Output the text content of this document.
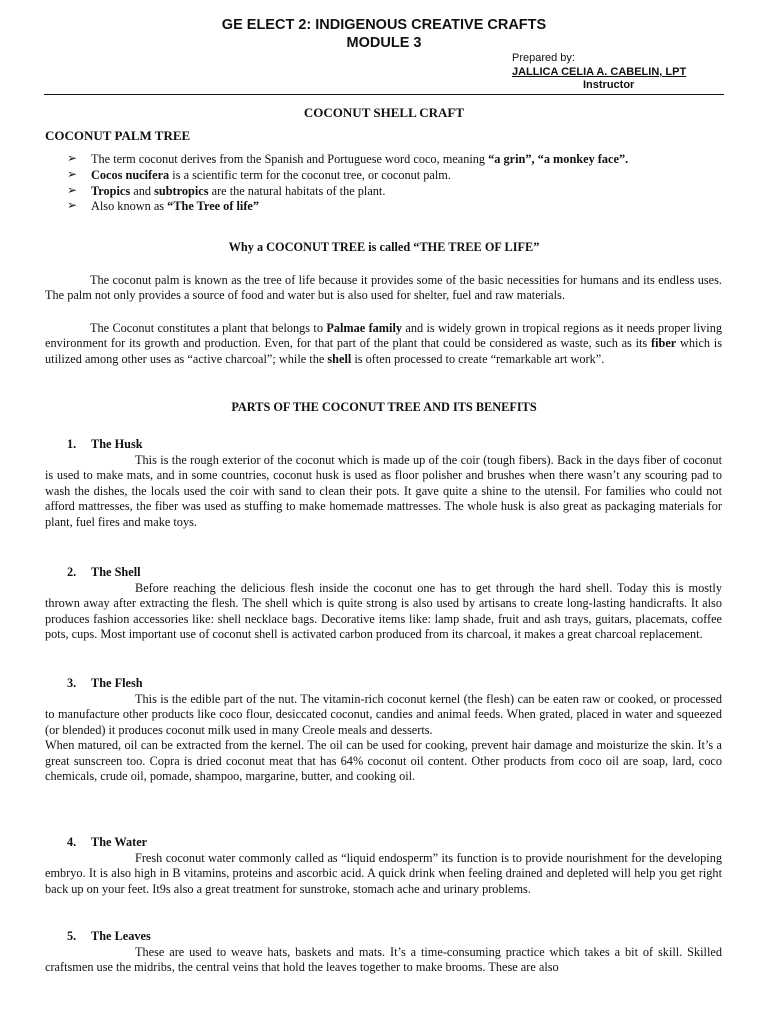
GE ELECT 2: INDIGENOUS CREATIVE CRAFTS
MODULE 3
Prepared by:
JALLICA CELIA A. CABELIN, LPT
Instructor
COCONUT SHELL CRAFT
COCONUT PALM TREE
➢ The term coconut derives from the Spanish and Portuguese word coco, meaning “a grin”, “a monkey face”.
➢ Cocos nucifera is a scientific term for the coconut tree, or coconut palm.
➢ Tropics and subtropics are the natural habitats of the plant.
➢ Also known as “The Tree of life”
Why a COCONUT TREE is called “THE TREE OF LIFE”

The coconut palm is known as the tree of life because it provides some of the basic necessities for humans and its endless uses. The palm not only provides a source of food and water but is also used for shelter, fuel and raw materials.

The Coconut constitutes a plant that belongs to Palmae family and is widely grown in tropical regions as it needs proper living environment for its growth and production. Even, for that part of the plant that could be considered as waste, such as its fiber which is utilized among other uses as “active charcoal”; while the shell is often processed to create “remarkable art work”.

PARTS OF THE COCONUT TREE AND ITS BENEFITS
1. The Husk

This is the rough exterior of the coconut which is made up of the coir (tough fibers). Back in the days fiber of coconut is used to make mats, and in some countries, coconut husk is used as floor polisher and brushes when there wasn’t any scouring pad to wash the dishes, the locals used the coir with sand to clean their pots. It gave quite a shine to the utensil. For families who could not afford mattresses, the fiber was used as stuffing to make homemade mattresses. The whole husk is also great as packaging materials for plant, fuel fires and make toys.

2. The Shell

Before reaching the delicious flesh inside the coconut one has to get through the hard shell. Today this is mostly thrown away after extracting the flesh. The shell which is quite strong is also used by artisans to create long-lasting handicrafts. It also produces fashion accessories like: shell necklace bags. Decorative items like: lamp shade, fruit and ash trays, guitars, placemats, coffee pots, cups. Most important use of coconut shell is activated carbon produced from its charcoal, it makes a great charcoal replacement.

3. The Flesh

This is the edible part of the nut. The vitamin-rich coconut kernel (the flesh) can be eaten raw or cooked, or processed to manufacture other products like coco flour, desiccated coconut, candies and animal feeds. When grated, placed in water and squeezed (or blended) it produces coconut milk used in many Creole meals and desserts.

When matured, oil can be extracted from the kernel. The oil can be used for cooking, prevent hair damage and moisturize the skin. It’s a great sunscreen too. Copra is dried coconut meat that has 64% coconut oil content. Other products from coco oil are soap, lard, coco chemicals, crude oil, pomade, shampoo, margarine, butter, and cooking oil.

4. The Water

Fresh coconut water commonly called as “liquid endosperm” its function is to provide nourishment for the developing embryo. It is also high in B vitamins, proteins and ascorbic acid. A quick drink when feeling drained and depleted will help you get right back up on your feet. It9s also a great treatment for sunstroke, stomach ache and urinary problems.

5. The Leaves

These are used to weave hats, baskets and mats. It’s a time-consuming practice which takes a bit of skill. Skilled craftsmen use the midribs, the central veins that hold the leaves together to make brooms. These are also
